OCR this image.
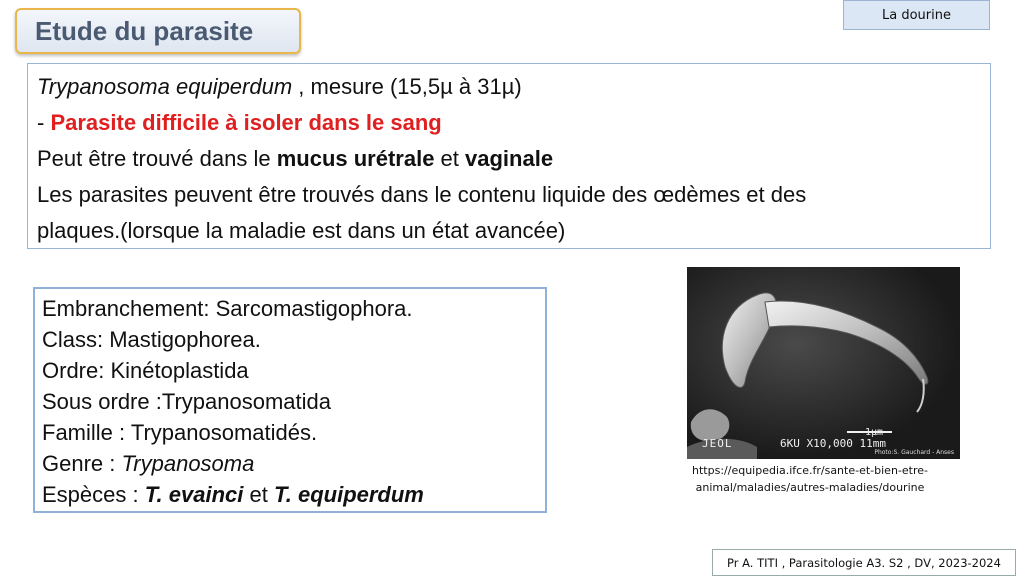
La dourine
Etude du parasite

Trypanosoma equiperdum , mesure (15,5µ à 31µ)

- Parasite difficile à isoler dans le sang

Peut être trouvé dans le mucus urétrale et vaginale

Les parasites peuvent être trouvés dans le contenu liquide des œdèmes et des

plaques.(lorsque la maladie est dans un état avancée)

Embranchement: Sarcomastigophora.

Class: Mastigophorea.

Ordre: Kinétoplastida

Sous ordre :Trypanosomatida

Famille : Trypanosomatidés.

Genre : Trypanosoma

Espèces : T. evainci et T. equiperdum

1µm
JEOL	6KU X10,000 11mm
Photo:S. Gauchard - Anses
https://equipedia.ifce.fr/sante-et-bien-etre-
animal/maladies/autres-maladies/dourine
Pr A. TITI , Parasitologie A3. S2 , DV, 2023-2024
